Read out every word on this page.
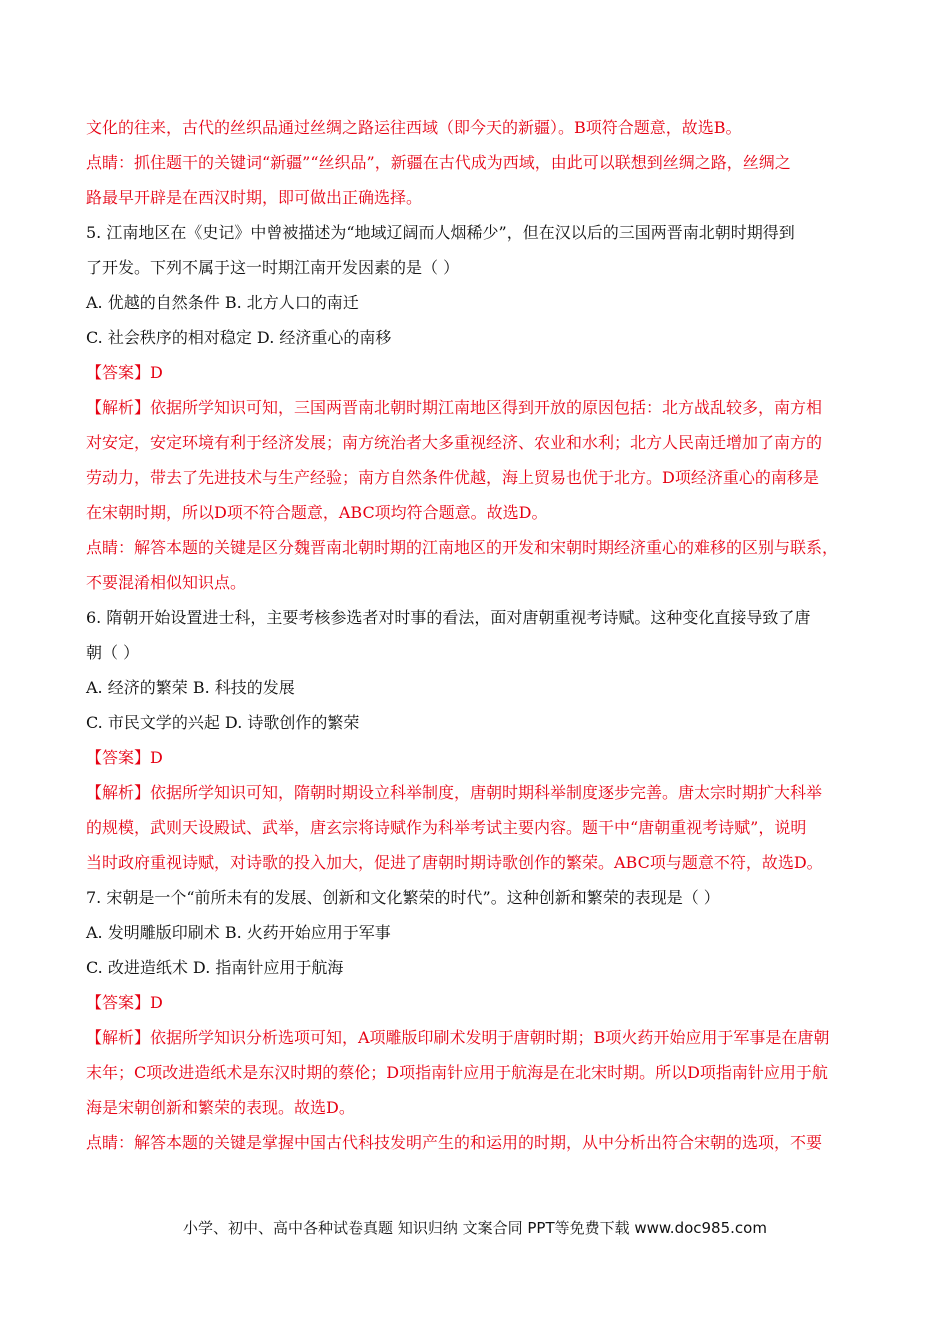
文化的往来，古代的丝织品通过丝绸之路运往西域（即今天的新疆）。B项符合题意，故选B。
点睛：抓住题干的关键词“新疆”“丝织品”，新疆在古代成为西域，由此可以联想到丝绸之路，丝绸之
路最早开辟是在西汉时期，即可做出正确选择。
5. 江南地区在《史记》中曾被描述为“地域辽阔而人烟稀少”，但在汉以后的三国两晋南北朝时期得到
了开发。下列不属于这一时期江南开发因素的是（ ）
A. 优越的自然条件 B. 北方人口的南迁
C. 社会秩序的相对稳定 D. 经济重心的南移
【答案】D
【解析】依据所学知识可知，三国两晋南北朝时期江南地区得到开放的原因包括：北方战乱较多，南方相
对安定，安定环境有利于经济发展；南方统治者大多重视经济、农业和水利；北方人民南迁增加了南方的
劳动力，带去了先进技术与生产经验；南方自然条件优越，海上贸易也优于北方。D项经济重心的南移是
在宋朝时期，所以D项不符合题意，ABC项均符合题意。故选D。
点睛：解答本题的关键是区分魏晋南北朝时期的江南地区的开发和宋朝时期经济重心的难移的区别与联系，
不要混淆相似知识点。
6. 隋朝开始设置进士科，主要考核参选者对时事的看法，面对唐朝重视考诗赋。这种变化直接导致了唐
朝（ ）
A. 经济的繁荣 B. 科技的发展
C. 市民文学的兴起 D. 诗歌创作的繁荣
【答案】D
【解析】依据所学知识可知，隋朝时期设立科举制度，唐朝时期科举制度逐步完善。唐太宗时期扩大科举
的规模，武则天设殿试、武举，唐玄宗将诗赋作为科举考试主要内容。题干中“唐朝重视考诗赋”，说明
当时政府重视诗赋，对诗歌的投入加大，促进了唐朝时期诗歌创作的繁荣。ABC项与题意不符，故选D。
7. 宋朝是一个“前所未有的发展、创新和文化繁荣的时代”。这种创新和繁荣的表现是（ ）
A. 发明雕版印刷术 B. 火药开始应用于军事
C. 改进造纸术 D. 指南针应用于航海
【答案】D
【解析】依据所学知识分析选项可知，A项雕版印刷术发明于唐朝时期；B项火药开始应用于军事是在唐朝
末年；C项改进造纸术是东汉时期的蔡伦；D项指南针应用于航海是在北宋时期。所以D项指南针应用于航
海是宋朝创新和繁荣的表现。故选D。
点睛：解答本题的关键是掌握中国古代科技发明产生的和运用的时期，从中分析出符合宋朝的选项，不要
小学、初中、高中各种试卷真题 知识归纳 文案合同 PPT等免费下载 www.doc985.com
